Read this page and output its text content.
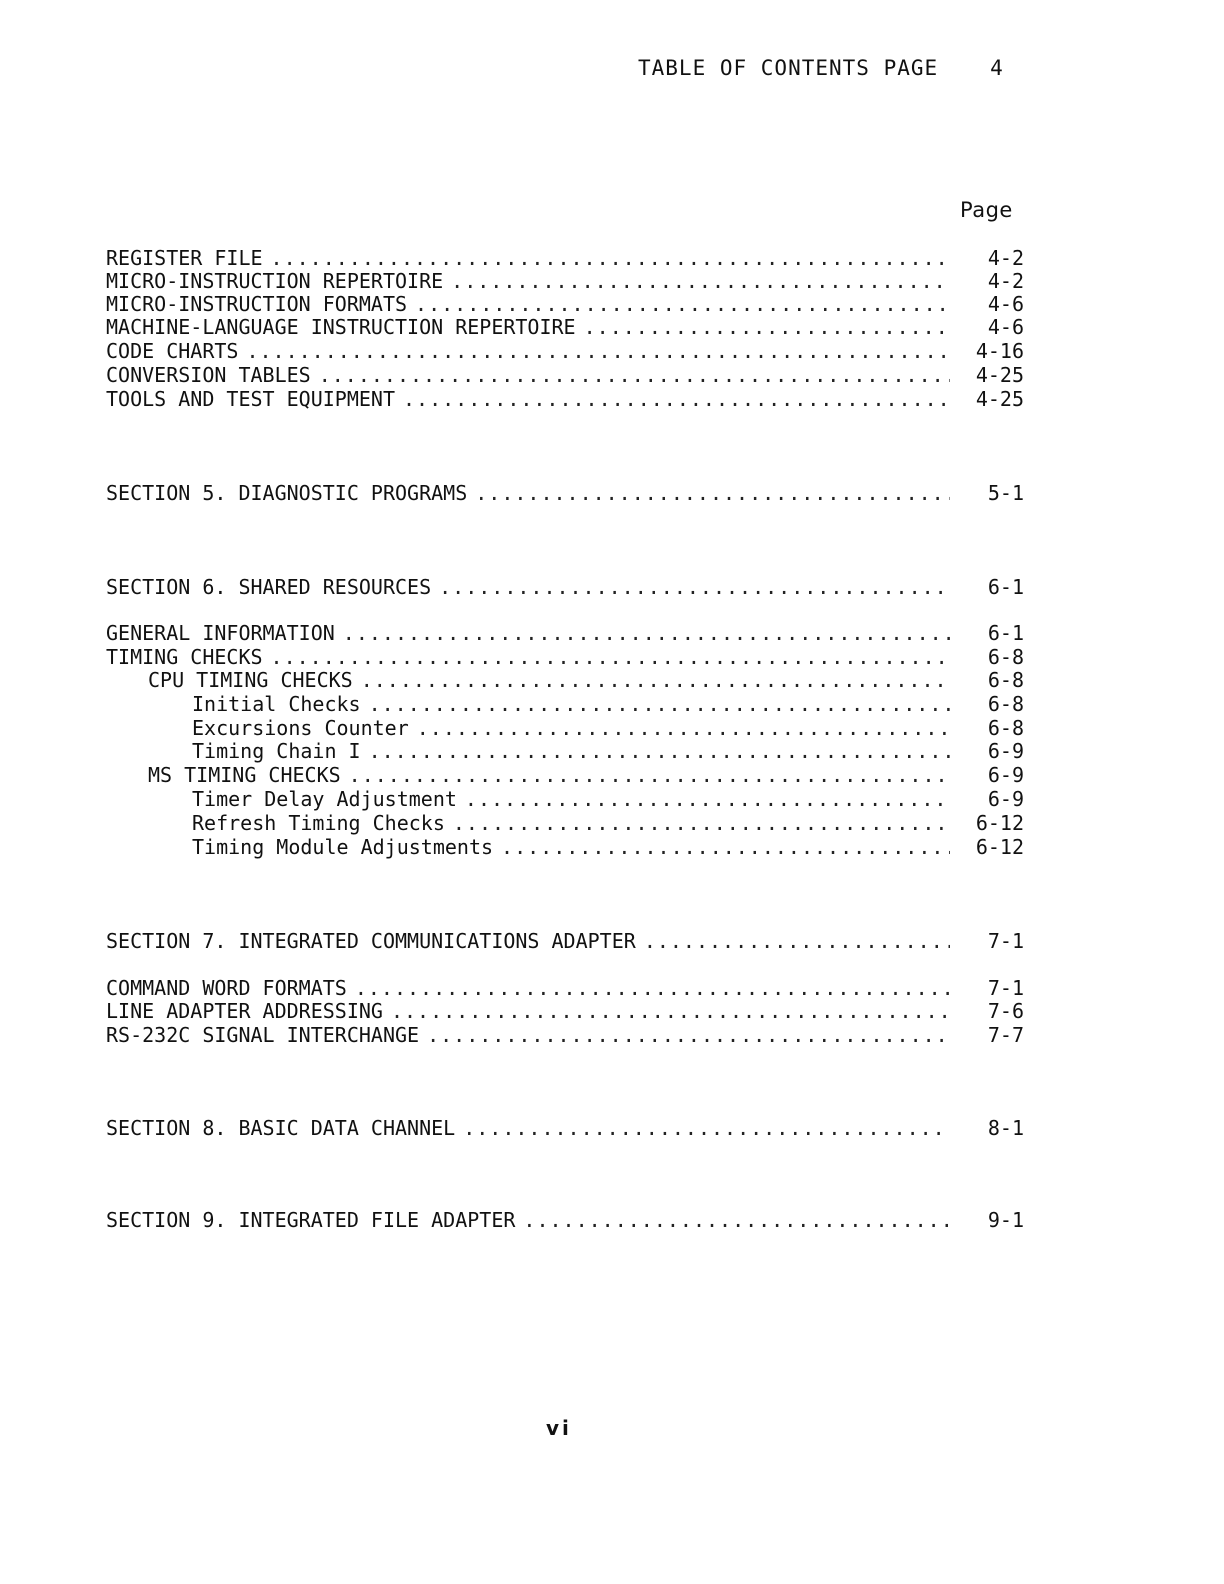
TABLE OF CONTENTS PAGE 4
Page
REGISTER FILE .....	4-2
MICRO-INSTRUCTION REPERTOIRE .....	4-2
MICRO-INSTRUCTION FORMATS .....	4-6
MACHINE-LANGUAGE INSTRUCTION REPERTOIRE .....	4-6
CODE CHARTS .....	4-16
CONVERSION TABLES .....	4-25
TOOLS AND TEST EQUIPMENT .....	4-25
SECTION 5. DIAGNOSTIC PROGRAMS .....	5-1
SECTION 6. SHARED RESOURCES .....	6-1
GENERAL INFORMATION .....	6-1
TIMING CHECKS .....	6-8
CPU TIMING CHECKS .....	6-8
Initial Checks .....	6-8
Excursions Counter .....	6-8
Timing Chain I .....	6-9
MS TIMING CHECKS .....	6-9
Timer Delay Adjustment .....	6-9
Refresh Timing Checks .....	6-12
Timing Module Adjustments .....	6-12
SECTION 7. INTEGRATED COMMUNICATIONS ADAPTER .....	7-1
COMMAND WORD FORMATS .....	7-1
LINE ADAPTER ADDRESSING .....	7-6
RS-232C SIGNAL INTERCHANGE .....	7-7
SECTION 8. BASIC DATA CHANNEL .....	8-1
SECTION 9. INTEGRATED FILE ADAPTER .....	9-1
vi
